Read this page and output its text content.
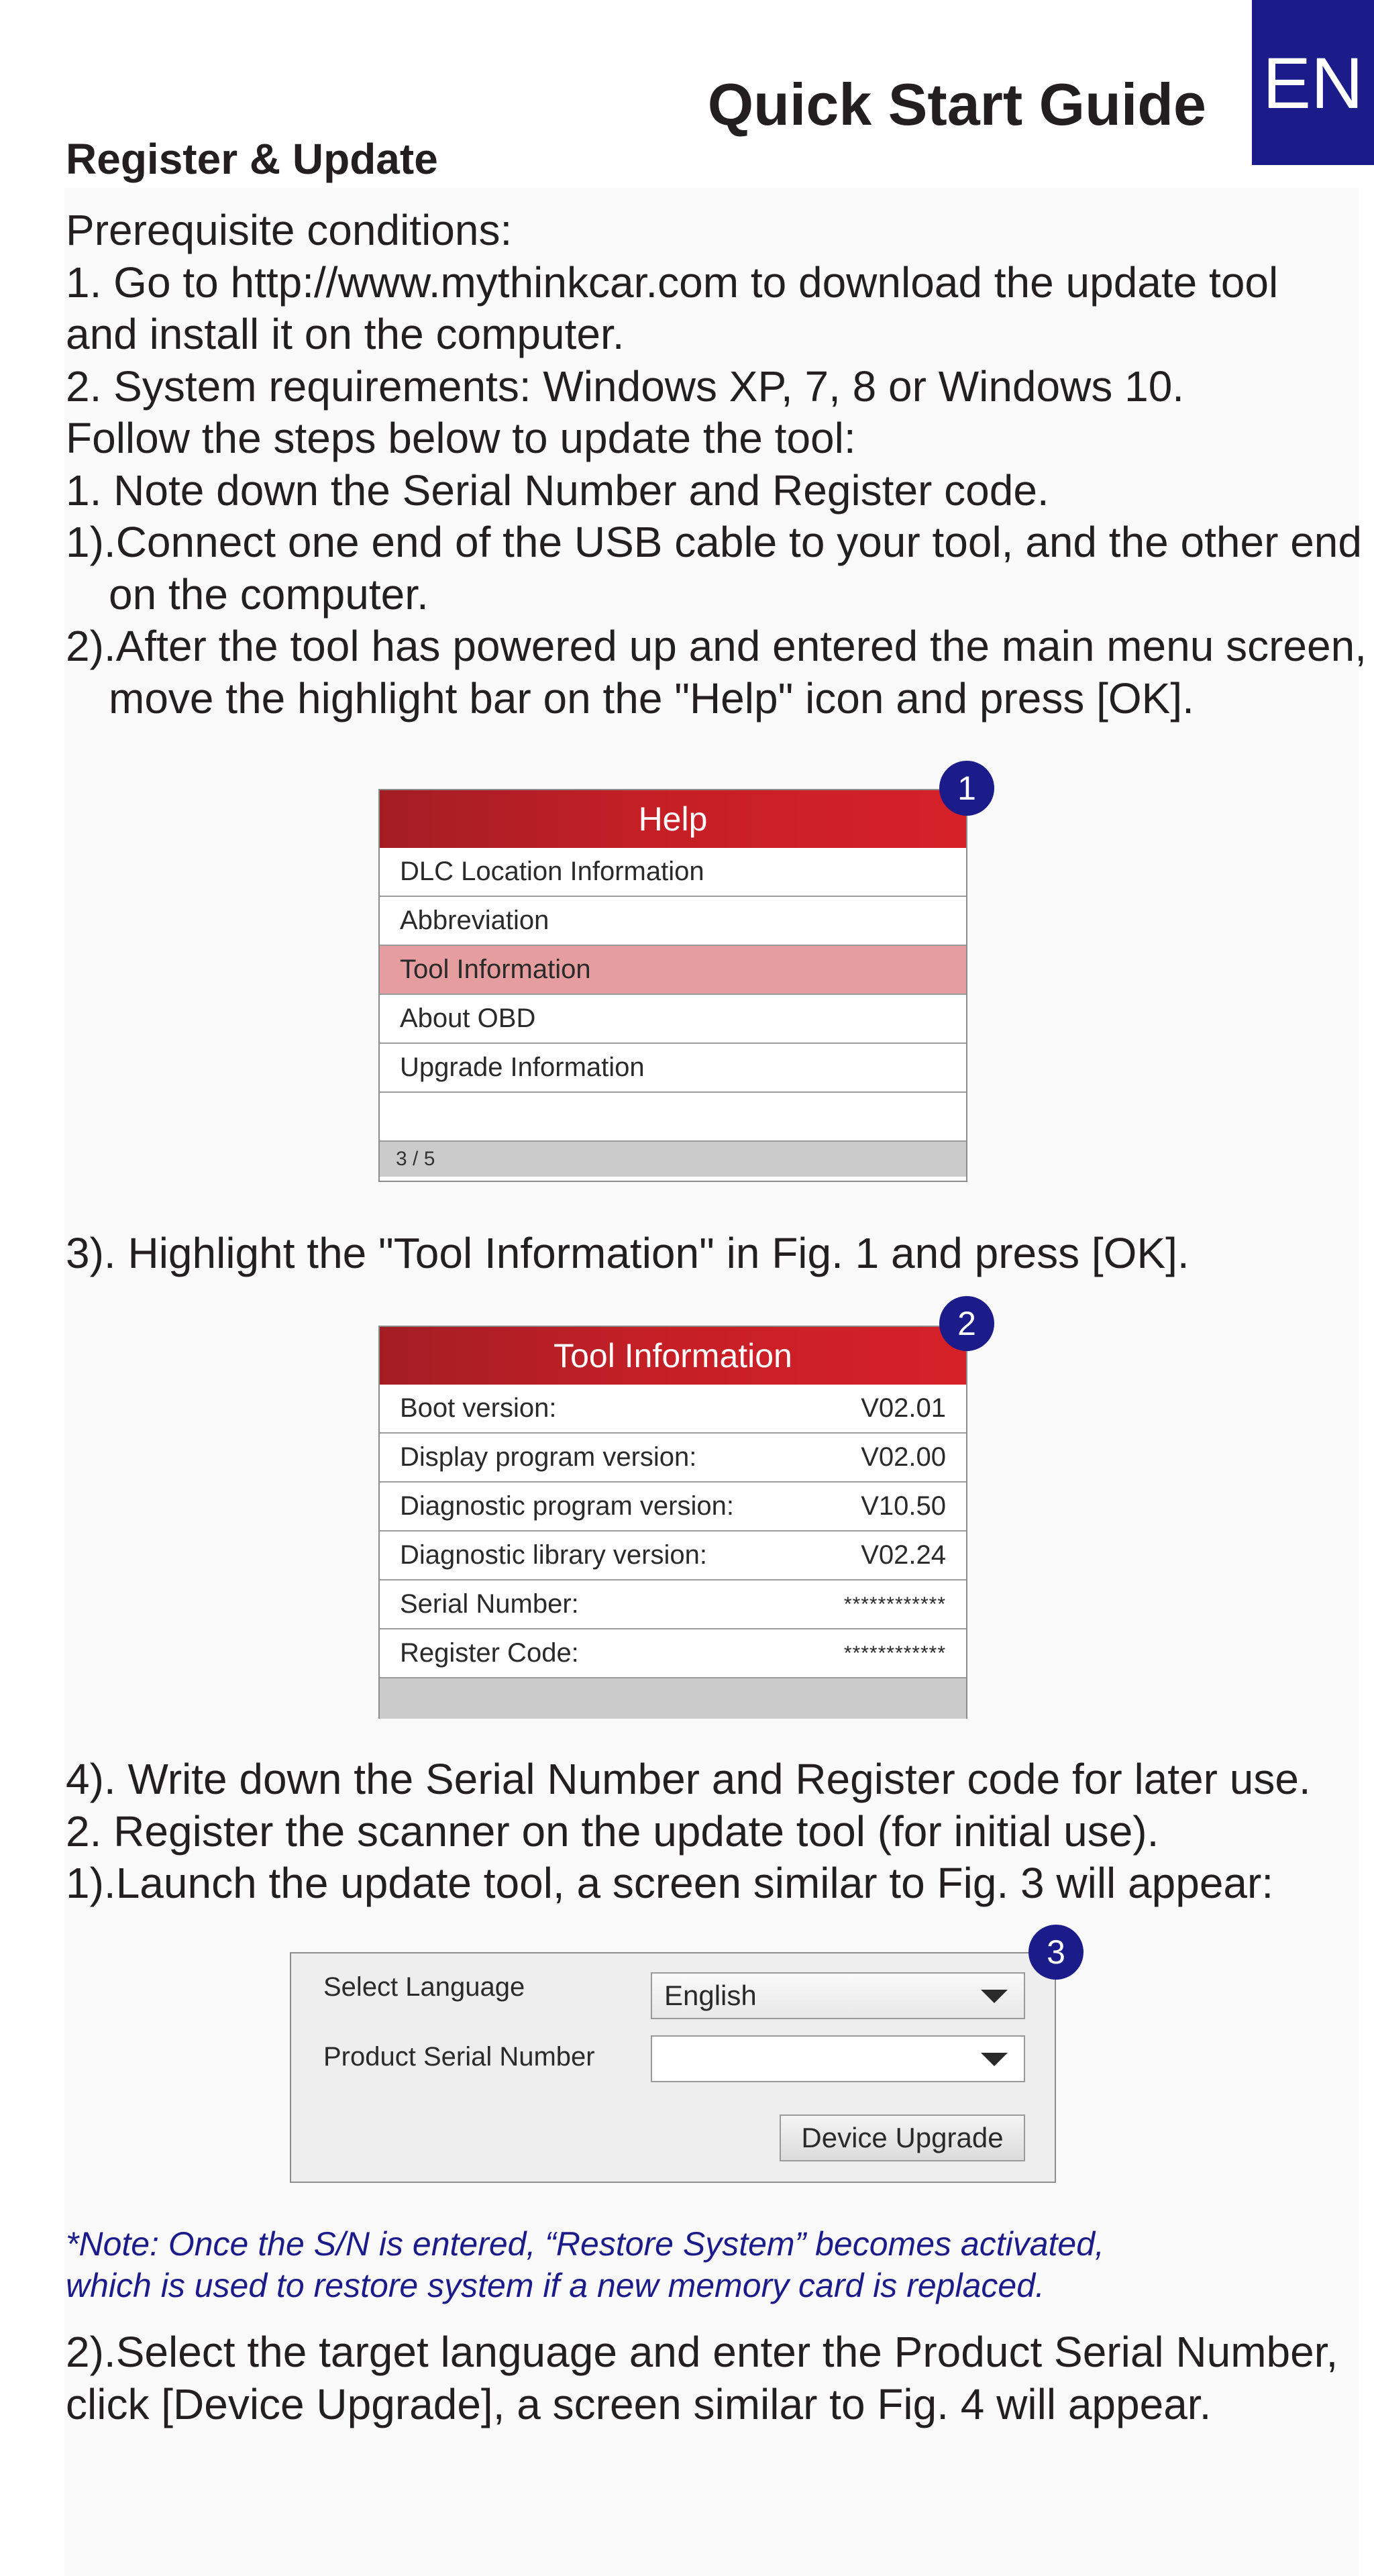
EN
Quick Start Guide
Register & Update

Prerequisite conditions:

1. Go to http://www.mythinkcar.com to download the update tool

and install it on the computer.

2. System requirements: Windows XP, 7, 8 or Windows 10.

Follow the steps below to update the tool:

1. Note down the Serial Number and Register code.

1).Connect one end of the USB cable to your tool, and the other end

on the computer.

2).After the tool has powered up and entered the main menu screen,

move the highlight bar on the "Help" icon and press [OK].

Help
DLC Location Information
Abbreviation
Tool Information
About OBD
Upgrade Information
3 / 5
1

3). Highlight the "Tool Information" in Fig. 1 and press [OK].

Tool Information
Boot version:	V02.01
Display program version:	V02.00
Diagnostic program version:	V10.50
Diagnostic library version:	V02.24
Serial Number:	************
Register Code:	************
2

4). Write down the Serial Number and Register code for later use.

2. Register the scanner on the update tool (for initial use).

1).Launch the update tool, a screen similar to Fig. 3 will appear:

Select Language	English
Product Serial Number
Device Upgrade
3

*Note: Once the S/N is entered, “Restore System” becomes activated,

which is used to restore system if a new memory card is replaced.

2).Select the target language and enter the Product Serial Number,

click [Device Upgrade], a screen similar to Fig. 4 will appear.
